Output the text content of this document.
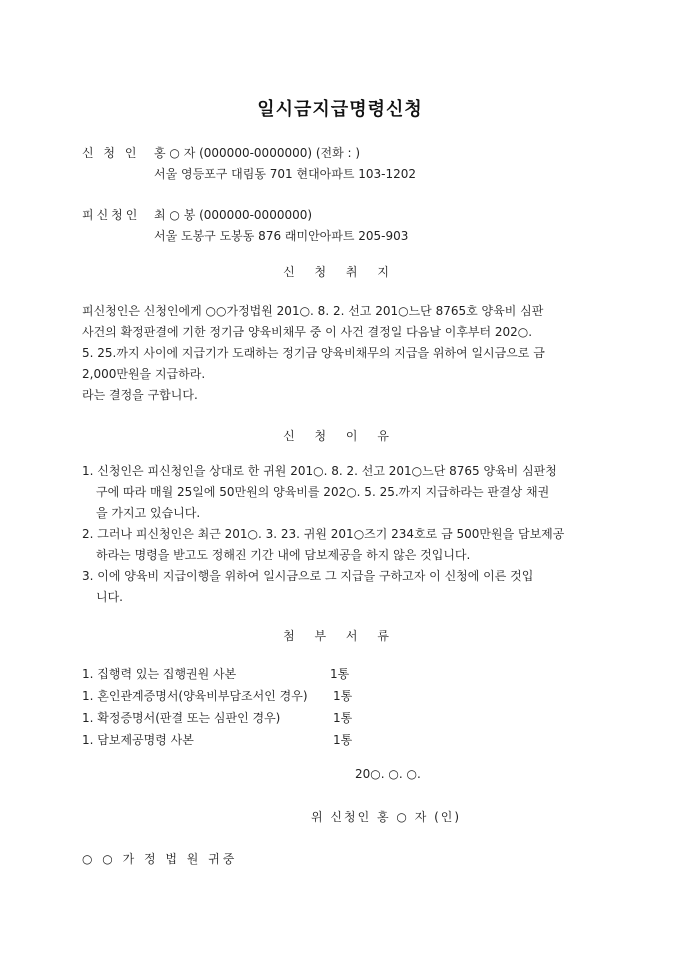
일시금지급명령신청
신 청 인	홍 ○ 자 (000000-0000000) (전화 : )
서울 영등포구 대림동 701 현대아파트 103-1202
피신청인	최 ○ 봉 (000000-0000000)
서울 도봉구 도봉동 876 래미안아파트 205-903
신 청 취 지
피신청인은 신청인에게 ○○가정법원 201○. 8. 2. 선고 201○느단 8765호 양육비 심판
사건의 확정판결에 기한 정기금 양육비채무 중 이 사건 결정일 다음날 이후부터 202○.
5. 25.까지 사이에 지급기가 도래하는 정기금 양육비채무의 지급을 위하여 일시금으로 금
2,000만원을 지급하라.
라는 결정을 구합니다.
신 청 이 유
1. 신청인은 피신청인을 상대로 한 귀원 201○. 8. 2. 선고 201○느단 8765 양육비 심판청
구에 따라 매월 25일에 50만원의 양육비를 202○. 5. 25.까지 지급하라는 판결상 채권
을 가지고 있습니다.
2. 그러나 피신청인은 최근 201○. 3. 23. 귀원 201○즈기 234호로 금 500만원을 담보제공
하라는 명령을 받고도 정해진 기간 내에 담보제공을 하지 않은 것입니다.
3. 이에 양육비 지급이행을 위하여 일시금으로 그 지급을 구하고자 이 신청에 이른 것입
니다.
첨 부 서 류
1. 집행력 있는 집행권원 사본	1통
1. 혼인관계증명서(양육비부담조서인 경우) 1통
1. 확정증명서(판결 또는 심판인 경우)	1통
1. 담보제공명령 사본	1통
20○. ○. ○.
위 신청인 홍 ○ 자 (인)
○ ○ 가 정 법 원 귀중
